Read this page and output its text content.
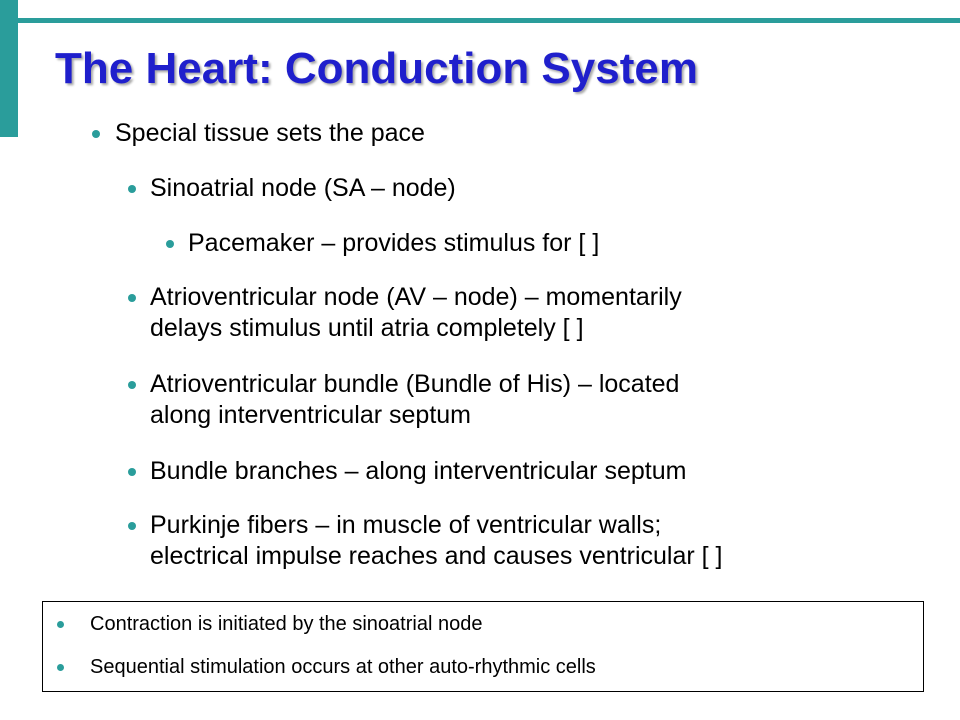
The Heart: Conduction System
Special tissue sets the pace
Sinoatrial node (SA – node)
Pacemaker – provides stimulus for [ ]
Atrioventricular node (AV – node) – momentarily
delays stimulus until atria completely [ ]
Atrioventricular bundle (Bundle of His) – located
along interventricular septum
Bundle branches – along interventricular septum
Purkinje fibers – in muscle of ventricular walls;
electrical impulse reaches and causes ventricular [ ]
Contraction is initiated by the sinoatrial node
Sequential stimulation occurs at other auto-rhythmic cells
